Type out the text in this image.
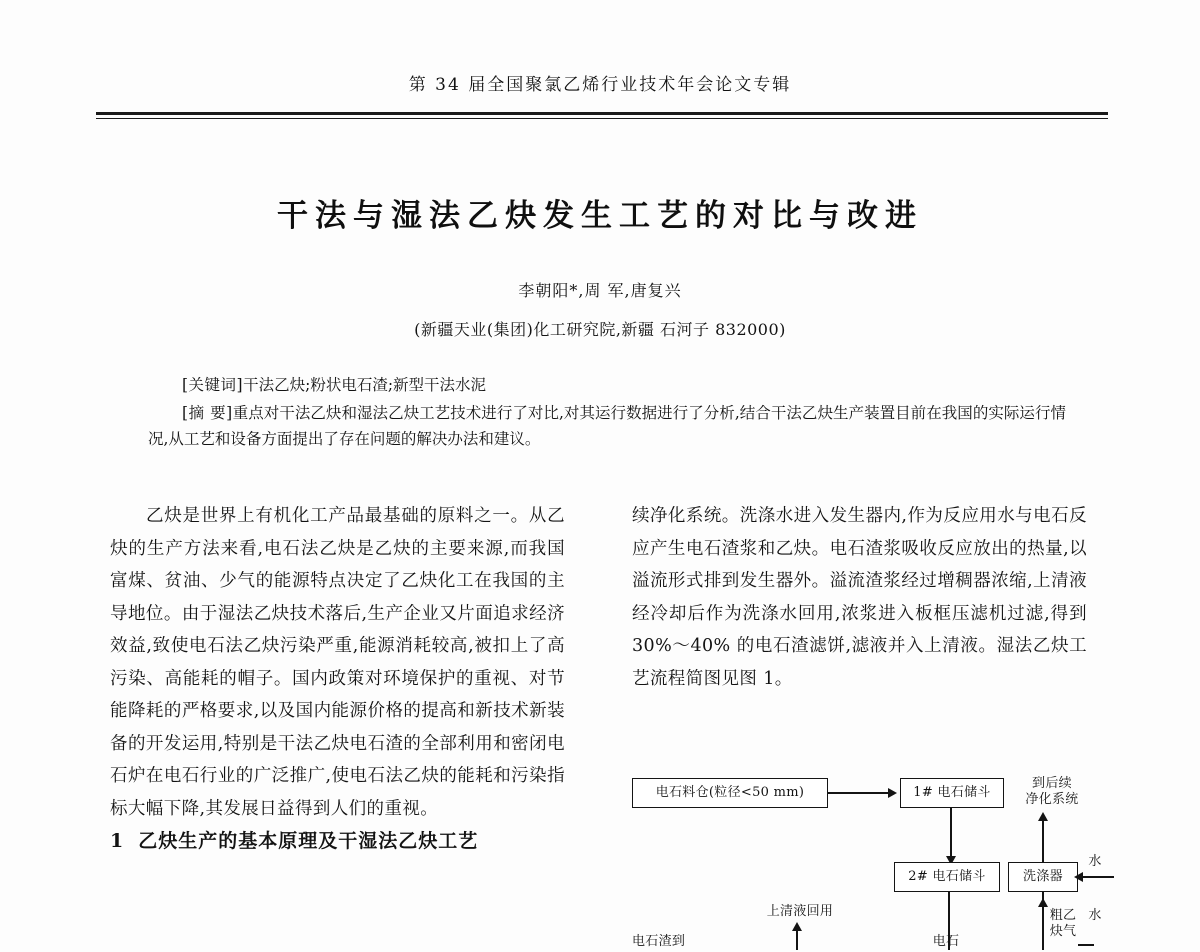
第 34 届全国聚氯乙烯行业技术年会论文专辑
干法与湿法乙炔发生工艺的对比与改进
李朝阳*,周 军,唐复兴
(新疆天业(集团)化工研究院,新疆 石河子 832000)

[关键词]干法乙炔;粉状电石渣;新型干法水泥

[摘 要]重点对干法乙炔和湿法乙炔工艺技术进行了对比,对其运行数据进行了分析,结合干法乙炔生产装置目前在我国的实际运行情况,从工艺和设备方面提出了存在问题的解决办法和建议。

乙炔是世界上有机化工产品最基础的原料之一。从乙炔的生产方法来看,电石法乙炔是乙炔的主要来源,而我国富煤、贫油、少气的能源特点决定了乙炔化工在我国的主导地位。由于湿法乙炔技术落后,生产企业又片面追求经济效益,致使电石法乙炔污染严重,能源消耗较高,被扣上了高污染、高能耗的帽子。国内政策对环境保护的重视、对节能降耗的严格要求,以及国内能源价格的提高和新技术新装备的开发运用,特别是干法乙炔电石渣的全部利用和密闭电石炉在电石行业的广泛推广,使电石法乙炔的能耗和污染指标大幅下降,其发展日益得到人们的重视。

1 乙炔生产的基本原理及干湿法乙炔工艺

续净化系统。洗涤水进入发生器内,作为反应用水与电石反应产生电石渣浆和乙炔。电石渣浆吸收反应放出的热量,以溢流形式排到发生器外。溢流渣浆经过增稠器浓缩,上清液经冷却后作为洗涤水回用,浓浆进入板框压滤机过滤,得到 30%～40% 的电石渣滤饼,滤液并入上清液。湿法乙炔工艺流程简图见图 1。

电石料仓(粒径<50 mm)	1# 电石储斗
到后续
净化系统
2# 电石储斗	洗涤器
水
粗乙
炔气
水
上清液回用
电石渣到	电石
